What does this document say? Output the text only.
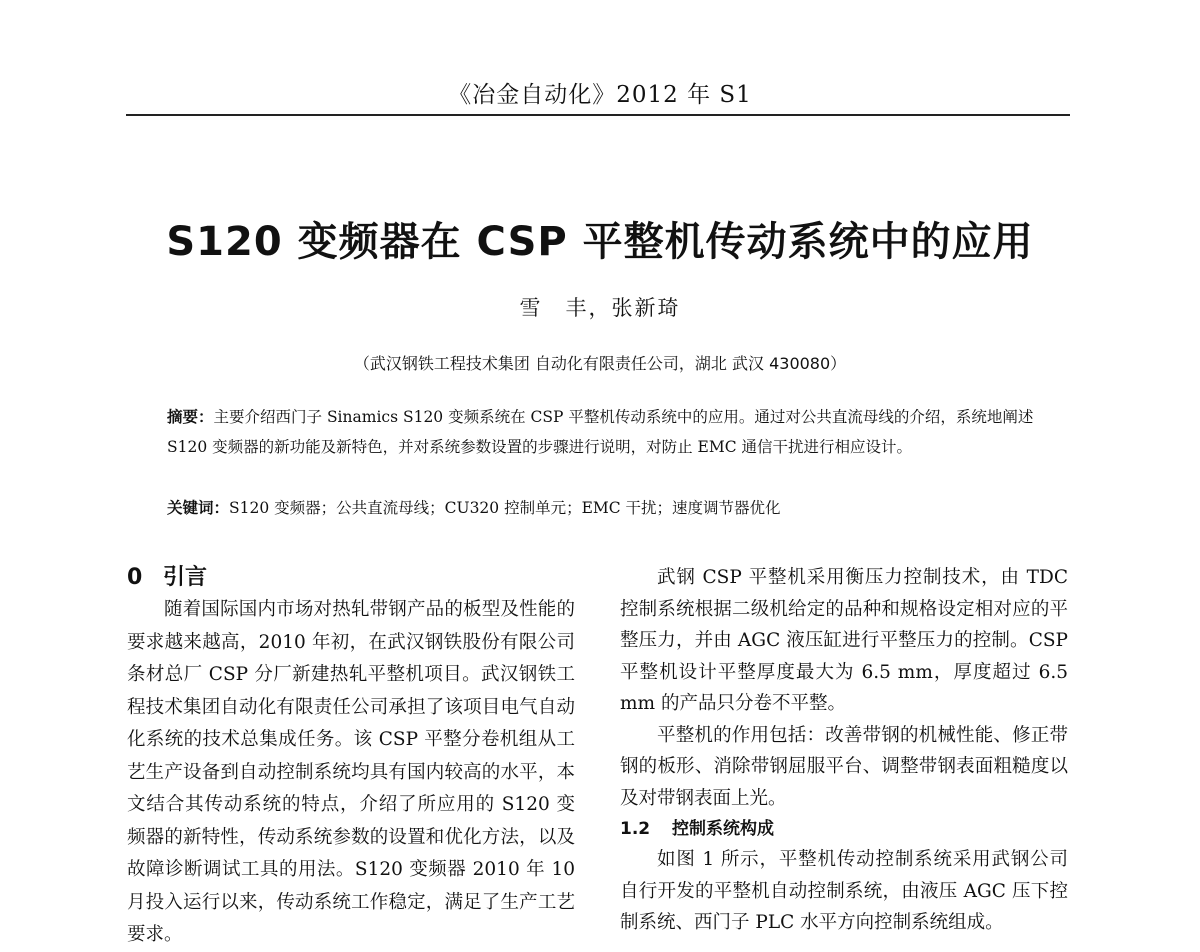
《冶金自动化》2012 年 S1
S120 变频器在 CSP 平整机传动系统中的应用
雪　丰，张新琦
（武汉钢铁工程技术集团 自动化有限责任公司，湖北 武汉 430080）
摘要：主要介绍西门子 Sinamics S120 变频系统在 CSP 平整机传动系统中的应用。通过对公共直流母线的介绍，系统地阐述 S120 变频器的新功能及新特色，并对系统参数设置的步骤进行说明，对防止 EMC 通信干扰进行相应设计。
关键词：S120 变频器；公共直流母线；CU320 控制单元；EMC 干扰；速度调节器优化
0 引言

随着国际国内市场对热轧带钢产品的板型及性能的要求越来越高，2010 年初，在武汉钢铁股份有限公司条材总厂 CSP 分厂新建热轧平整机项目。武汉钢铁工程技术集团自动化有限责任公司承担了该项目电气自动化系统的技术总集成任务。该 CSP 平整分卷机组从工艺生产设备到自动控制系统均具有国内较高的水平，本文结合其传动系统的特点，介绍了所应用的 S120 变频器的新特性，传动系统参数的设置和优化方法，以及故障诊断调试工具的用法。S120 变频器 2010 年 10 月投入运行以来，传动系统工作稳定，满足了生产工艺要求。

武钢 CSP 平整机采用衡压力控制技术，由 TDC 控制系统根据二级机给定的品种和规格设定相对应的平整压力，并由 AGC 液压缸进行平整压力的控制。CSP 平整机设计平整厚度最大为 6.5 mm，厚度超过 6.5 mm 的产品只分卷不平整。

平整机的作用包括：改善带钢的机械性能、修正带钢的板形、消除带钢屈服平台、调整带钢表面粗糙度以及对带钢表面上光。

1.2 控制系统构成

如图 1 所示，平整机传动控制系统采用武钢公司自行开发的平整机自动控制系统，由液压 AGC 压下控制系统、西门子 PLC 水平方向控制系统组成。
